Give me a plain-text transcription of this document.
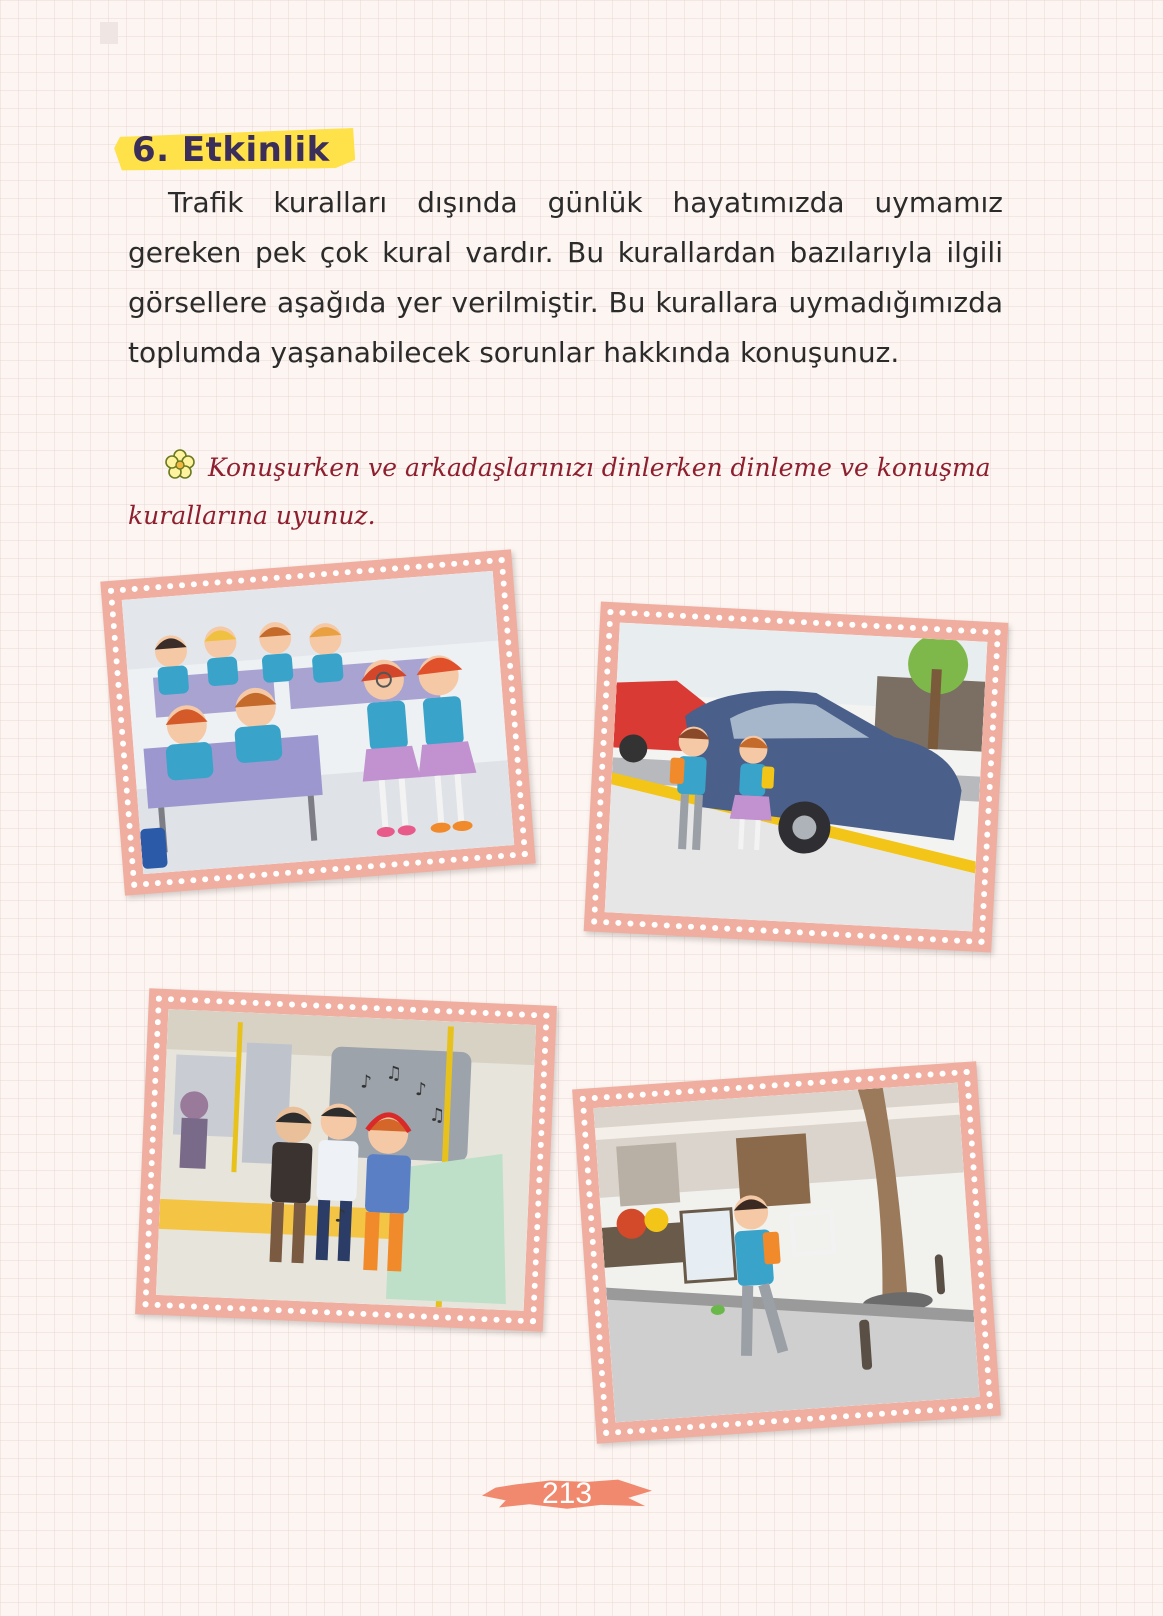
6. Etkinlik

Trafik kuralları dışında günlük hayatımızda uymamız gereken pek çok kural vardır. Bu kurallardan bazılarıyla ilgili görsellere aşağıda yer verilmiştir. Bu kurallara uymadığımızda toplumda yaşanabilecek sorunlar hakkında konuşunuz.

Konuşurken ve arkadaşlarınızı dinlerken dinleme ve konuşma kurallarına uyunuz.

♪ ♫
♪
♫
♪
213
